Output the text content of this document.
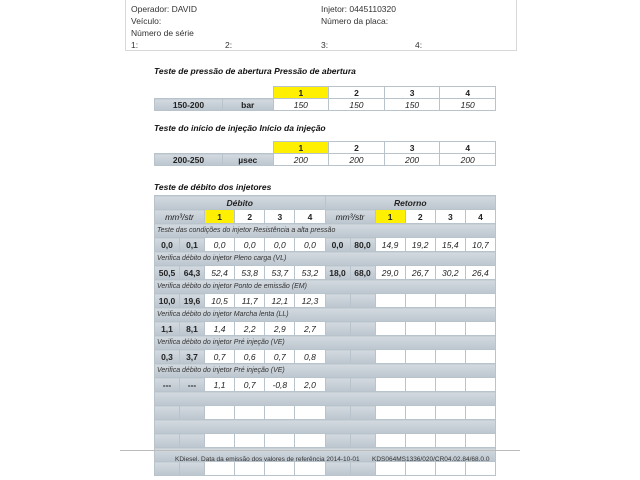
Operador: DAVID	Injetor: 0445110320
Veículo:	Número da placa:
Número de série
1:	2:	3:	4:
Teste de pressão de abertura Pressão de abertura
		1	2	3	4
150-200	bar	150	150	150	150
Teste do início de injeção Início da injeção
		1	2	3	4
200-250	µsec	200	200	200	200
Teste de débito dos injetores
Débito						Retorno					
mm³/str		1	2	3	4	mm³/str		1	2	3	4
Teste das condições do injetor Resistência a alta pressão											
0,0	0,1	0,0	0,0	0,0	0,0	0,0	80,0	14,9	19,2	15,4	10,7
Verifica débito do injetor Pleno carga (VL)											
50,5	64,3	52,4	53,8	53,7	53,2	18,0	68,0	29,0	26,7	30,2	26,4
Verifica débito do injetor Ponto de emissão (EM)											
10,0	19,6	10,5	11,7	12,1	12,3						
Verifica débito do injetor Marcha lenta (LL)											
1,1	8,1	1,4	2,2	2,9	2,7						
Verifica débito do injetor Pré injeção (VE)											
0,3	3,7	0,7	0,6	0,7	0,8						
Verifica débito do injetor Pré injeção (VE)											
---	---	1,1	0,7	-0,8	2,0						

KDiesel. Data da emissão dos valores de referência 2014-10-01 KDS064MS1336/020/CR04.02.84/68.0.0
